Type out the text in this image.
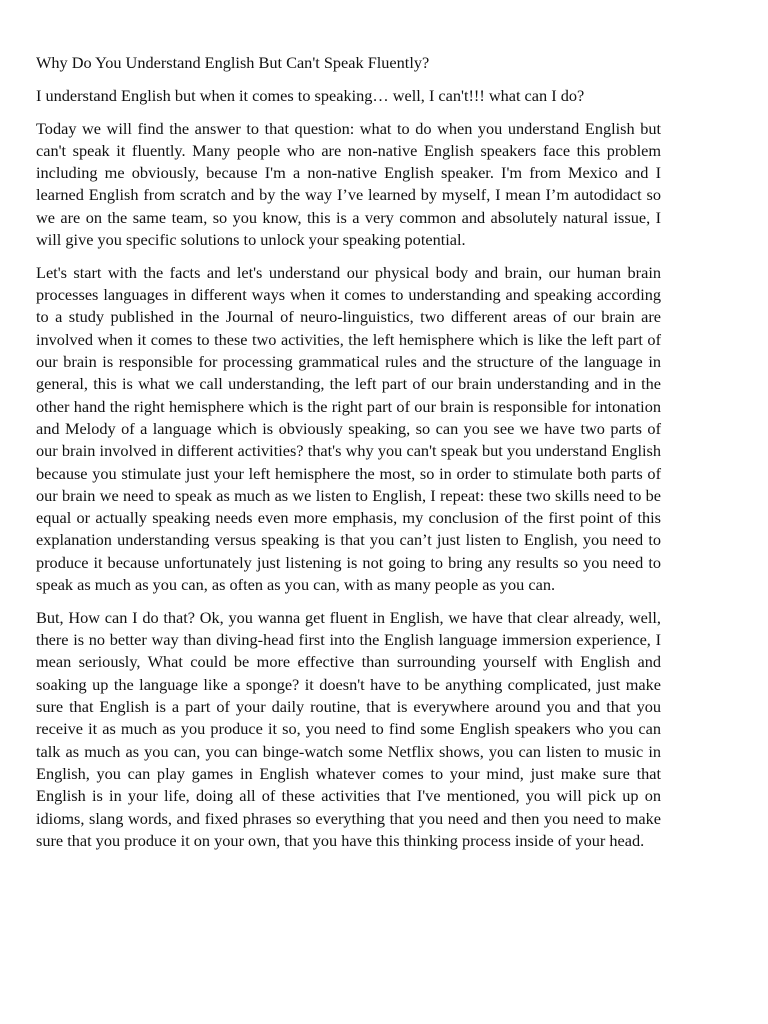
Why Do You Understand English But Can't Speak Fluently?

I understand English but when it comes to speaking… well, I can't!!! what can I do?

Today we will find the answer to that question: what to do when you understand English but can't speak it fluently. Many people who are non-native English speakers face this problem including me obviously, because I'm a non-native English speaker. I'm from Mexico and I learned English from scratch and by the way I’ve learned by myself, I mean I’m autodidact so we are on the same team, so you know, this is a very common and absolutely natural issue, I will give you specific solutions to unlock your speaking potential.

Let's start with the facts and let's understand our physical body and brain, our human brain processes languages in different ways when it comes to understanding and speaking according to a study published in the Journal of neuro-linguistics, two different areas of our brain are involved when it comes to these two activities, the left hemisphere which is like the left part of our brain is responsible for processing grammatical rules and the structure of the language in general, this is what we call understanding, the left part of our brain understanding and in the other hand the right hemisphere which is the right part of our brain is responsible for intonation and Melody of a language which is obviously speaking, so can you see we have two parts of our brain involved in different activities? that's why you can't speak but you understand English because you stimulate just your left hemisphere the most, so in order to stimulate both parts of our brain we need to speak as much as we listen to English, I repeat: these two skills need to be equal or actually speaking needs even more emphasis, my conclusion of the first point of this explanation understanding versus speaking is that you can’t just listen to English, you need to produce it because unfortunately just listening is not going to bring any results so you need to speak as much as you can, as often as you can, with as many people as you can.

But, How can I do that? Ok, you wanna get fluent in English, we have that clear already, well, there is no better way than diving-head first into the English language immersion experience, I mean seriously, What could be more effective than surrounding yourself with English and soaking up the language like a sponge? it doesn't have to be anything complicated, just make sure that English is a part of your daily routine, that is everywhere around you and that you receive it as much as you produce it so, you need to find some English speakers who you can talk as much as you can, you can binge-watch some Netflix shows, you can listen to music in English, you can play games in English whatever comes to your mind, just make sure that English is in your life, doing all of these activities that I've mentioned, you will pick up on idioms, slang words, and fixed phrases so everything that you need and then you need to make sure that you produce it on your own, that you have this thinking process inside of your head.
